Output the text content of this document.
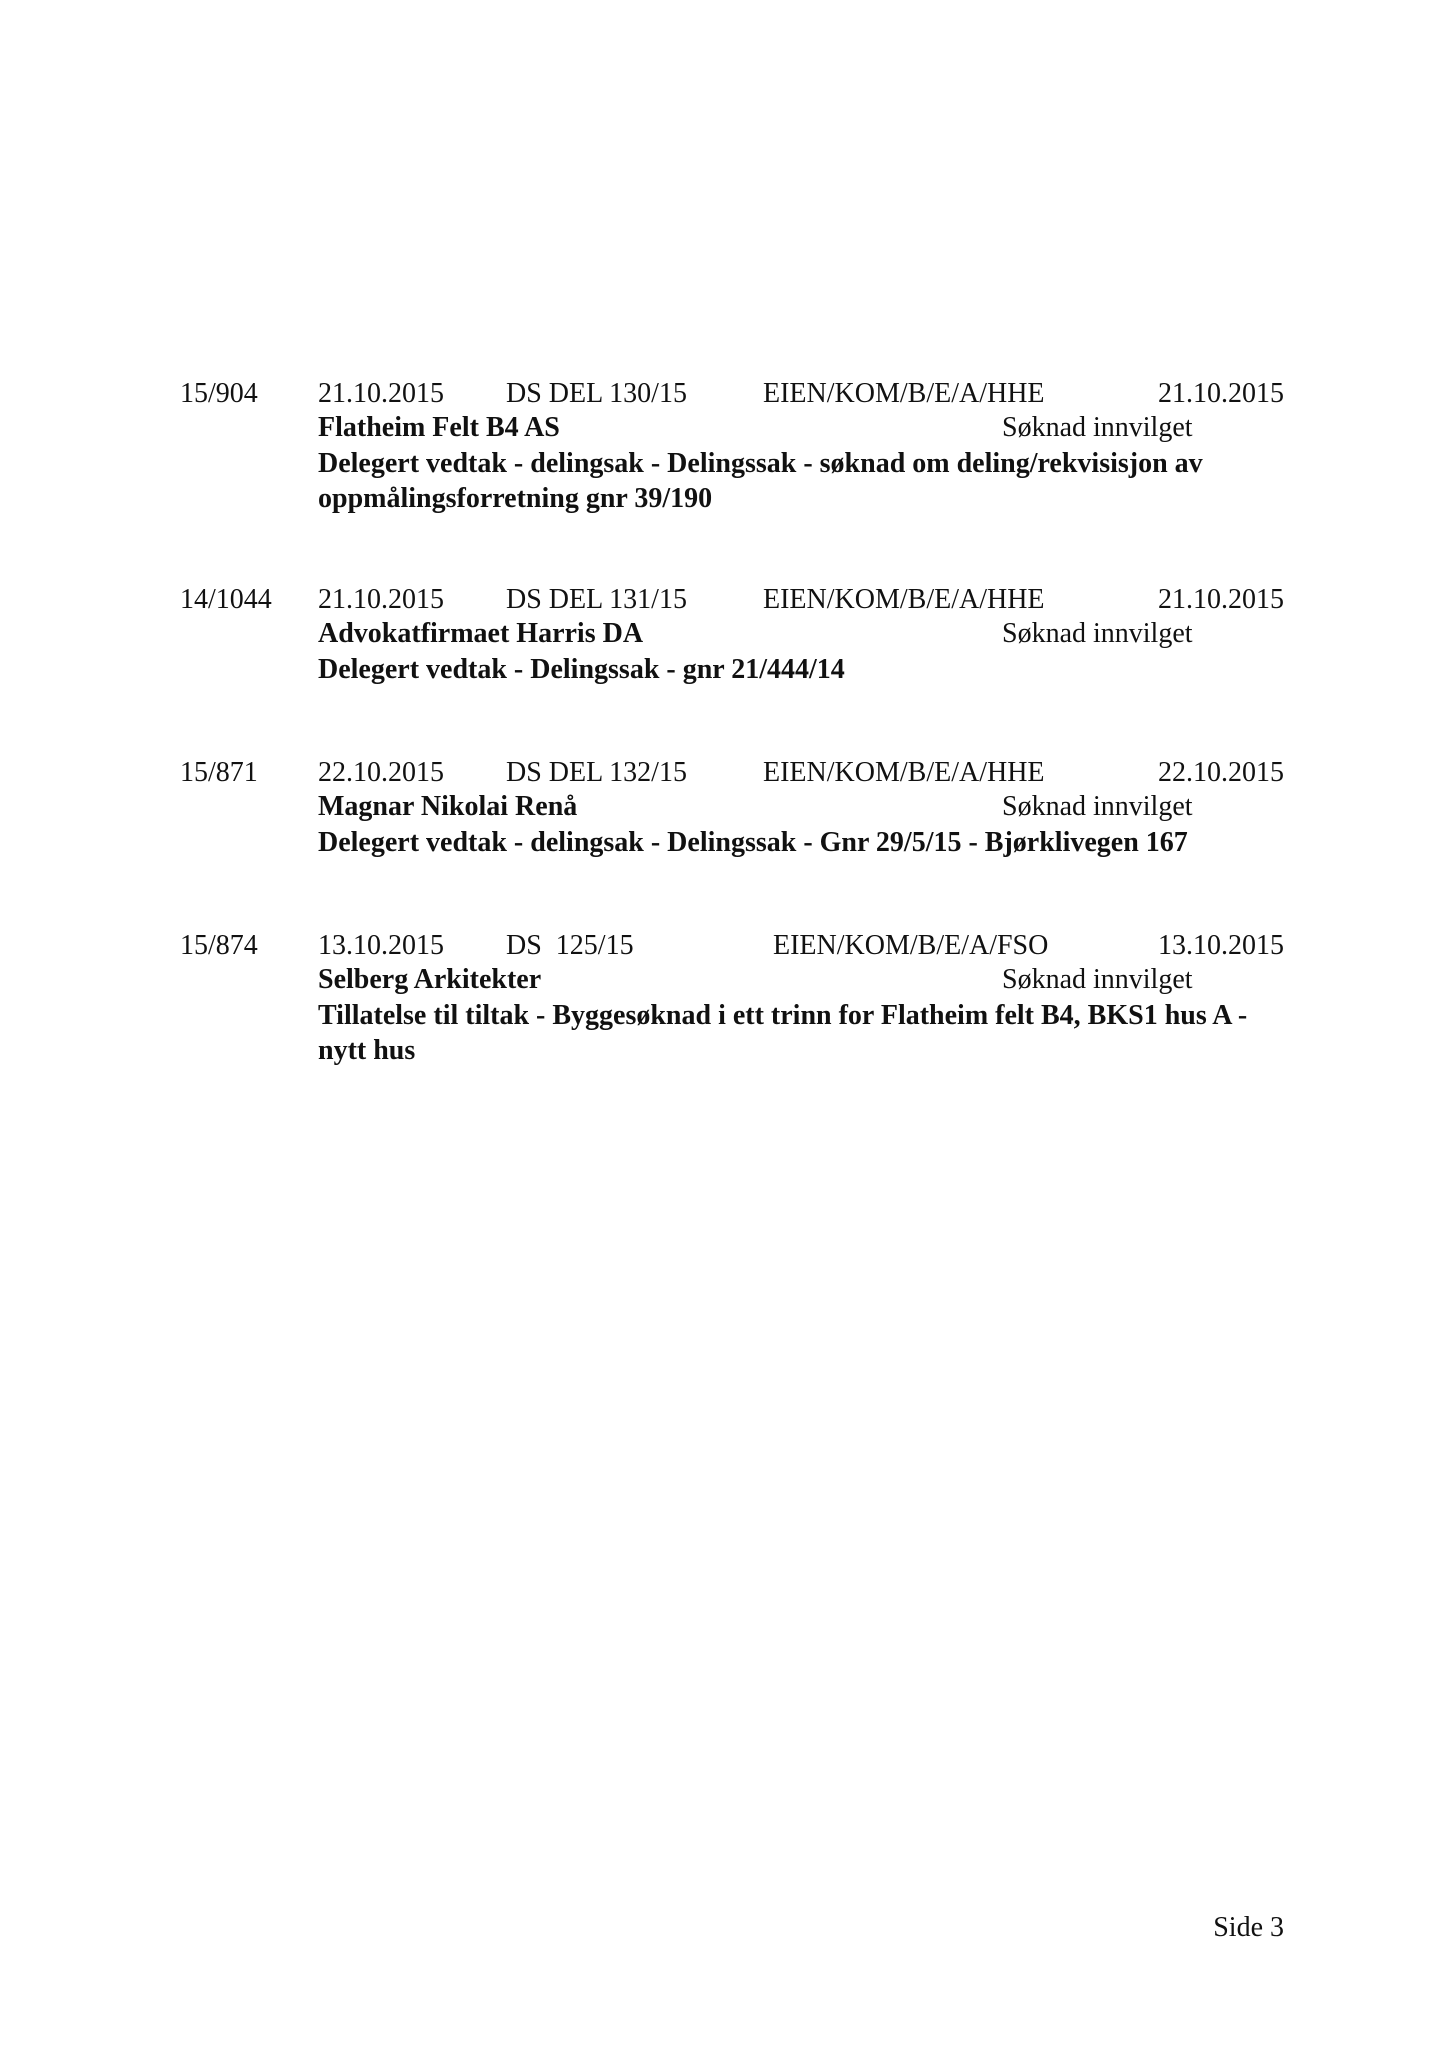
15/904 21.10.2015 DS DEL 130/15	EIEN/KOM/B/E/A/HHE	21.10.2015
Flatheim Felt B4 AS	Søknad innvilget
Delegert vedtak - delingsak - Delingssak - søknad om deling/rekvisisjon av oppmålingsforretning gnr 39/190
14/1044 21.10.2015 DS DEL 131/15	EIEN/KOM/B/E/A/HHE	21.10.2015
Advokatfirmaet Harris DA	Søknad innvilget
Delegert vedtak - Delingssak - gnr 21/444/14
15/871 22.10.2015 DS DEL 132/15	EIEN/KOM/B/E/A/HHE	22.10.2015
Magnar Nikolai Renå	Søknad innvilget
Delegert vedtak - delingsak - Delingssak - Gnr 29/5/15 - Bjørklivegen 167
15/874 13.10.2015 DS  125/15	EIEN/KOM/B/E/A/FSO	13.10.2015
Selberg Arkitekter	Søknad innvilget
Tillatelse til tiltak - Byggesøknad i ett trinn for Flatheim felt B4, BKS1 hus A - nytt hus
Side 3
